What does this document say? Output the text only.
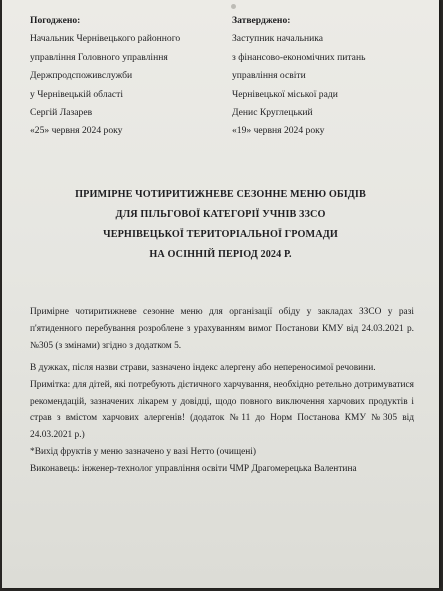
Погоджено:
Начальник Чернівецького районного
управління Головного управління
Держпродспоживслужби
у Чернівецькій області
Сергій Лазарев
«25» червня 2024 року
Затверджено:
Заступник начальника
з фінансово-економічних питань
управління освіти
Чернівецької міської ради
Денис Круглецький
«19» червня 2024 року
ПРИМІРНЕ ЧОТИРИТИЖНЕВЕ СЕЗОННЕ МЕНЮ ОБІДІВ
ДЛЯ ПІЛЬГОВОЇ КАТЕГОРІЇ УЧНІВ ЗЗСО
ЧЕРНІВЕЦЬКОЇ ТЕРИТОРІАЛЬНОЇ ГРОМАДИ
НА ОСІННІЙ ПЕРІОД 2024 Р.

Примірне чотиритижневе сезонне меню для організації обіду у закладах ЗЗСО у разі п'ятиденного перебування розроблене з урахуванням вимог Постанови КМУ від 24.03.2021 р. №305 (з змінами) згідно з додатком 5.

В дужках, після назви страви, зазначено індекс алергену або непереносимої речовини.

Примітка: для дітей, які потребують дієтичного харчування, необхідно ретельно дотримуватися рекомендацій, зазначених лікарем у довідці, щодо повного виключення харчових продуктів і страв з вмістом харчових алергенів! (додаток №11 до Норм Постанова КМУ №305 від 24.03.2021 р.)

*Вихід фруктів у меню зазначено у вазі Нетто (очищені)

Виконавець: інженер-технолог управління освіти ЧМР Драгомерецька Валентина
